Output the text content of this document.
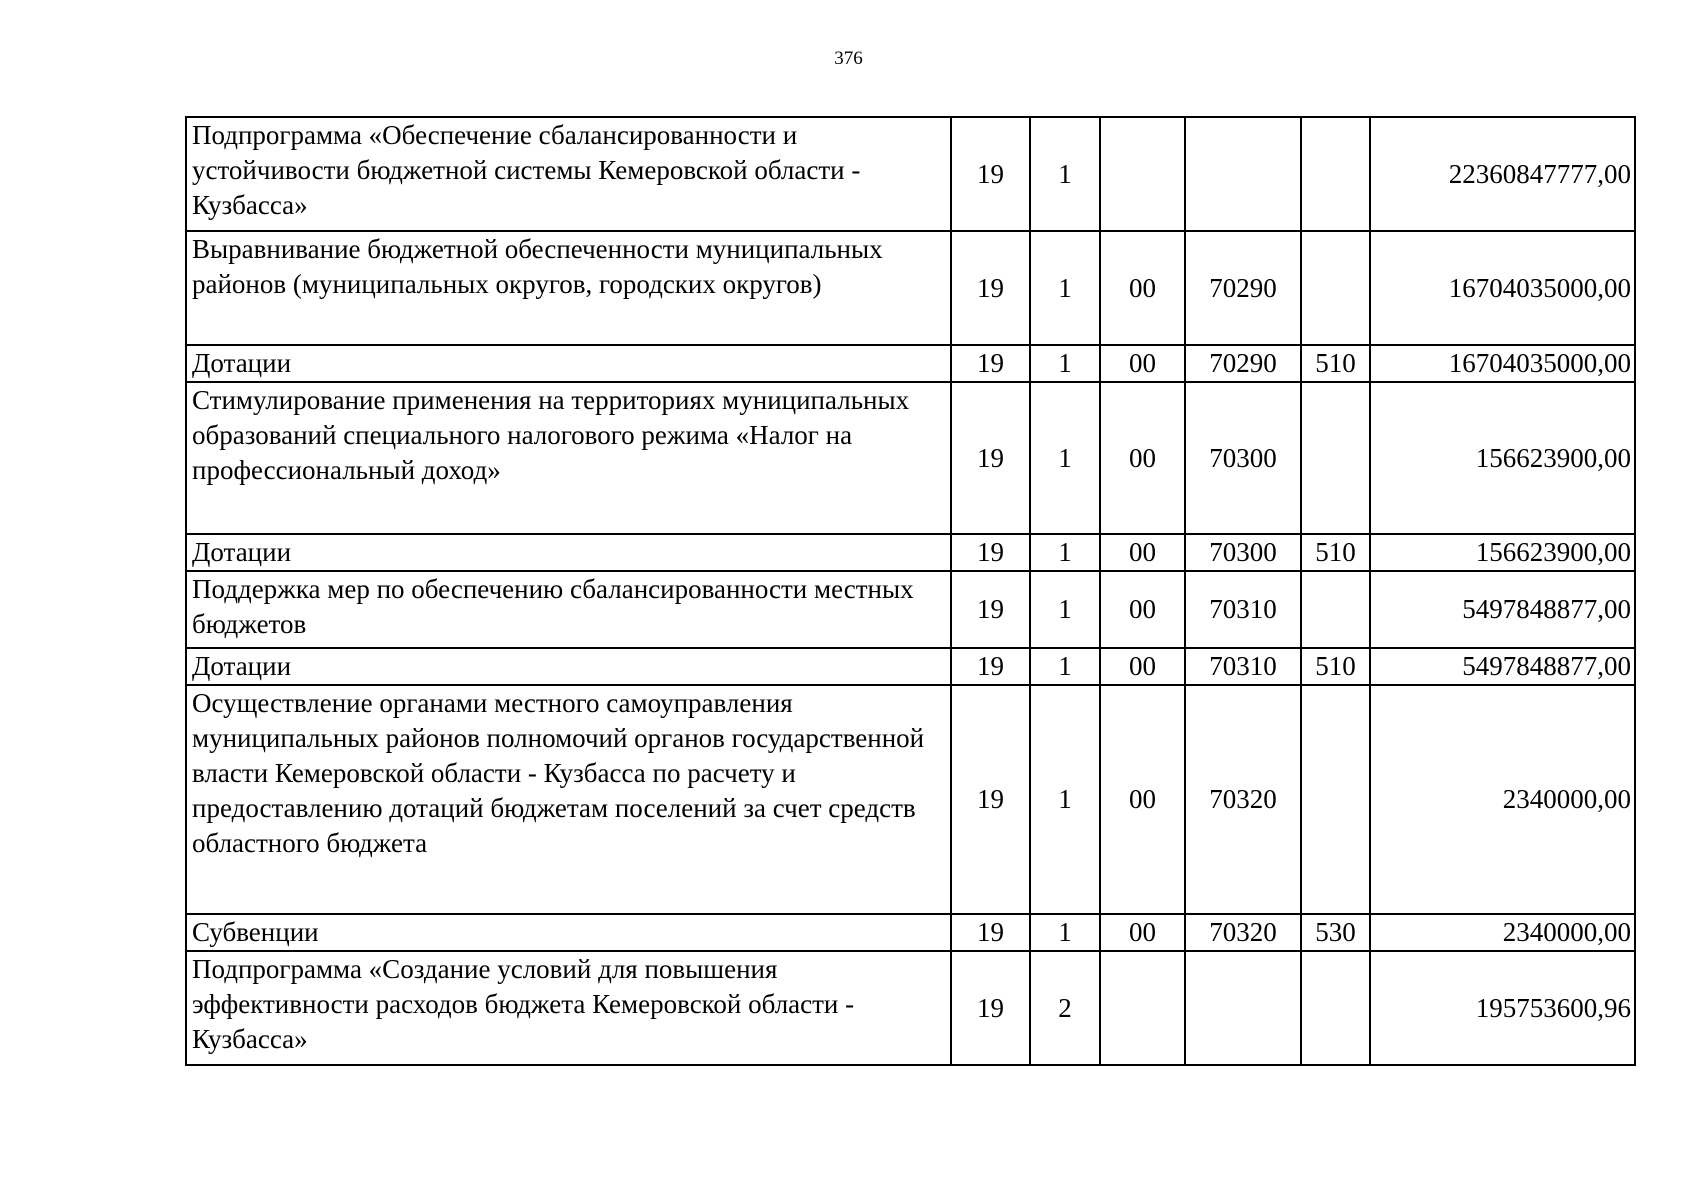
376
Подпрограмма «Обеспечение сбалансированности и устойчивости бюджетной системы Кемеровской области - Кузбасса»	19	1				22360847777,00
Выравнивание бюджетной обеспеченности муниципальных районов (муниципальных округов, городских округов)	19	1	00	70290		16704035000,00
Дотации	19	1	00	70290	510	16704035000,00
Стимулирование применения на территориях муниципальных образований специального налогового режима «Налог на профессиональный доход»	19	1	00	70300		156623900,00
Дотации	19	1	00	70300	510	156623900,00
Поддержка мер по обеспечению сбалансированности местных бюджетов	19	1	00	70310		5497848877,00
Дотации	19	1	00	70310	510	5497848877,00
Осуществление органами местного самоуправления муниципальных районов полномочий органов государственной власти Кемеровской области - Кузбасса по расчету и предоставлению дотаций бюджетам поселений за счет средств областного бюджета	19	1	00	70320		2340000,00
Субвенции	19	1	00	70320	530	2340000,00
Подпрограмма «Создание условий для повышения эффективности расходов бюджета Кемеровской области - Кузбасса»	19	2				195753600,96
